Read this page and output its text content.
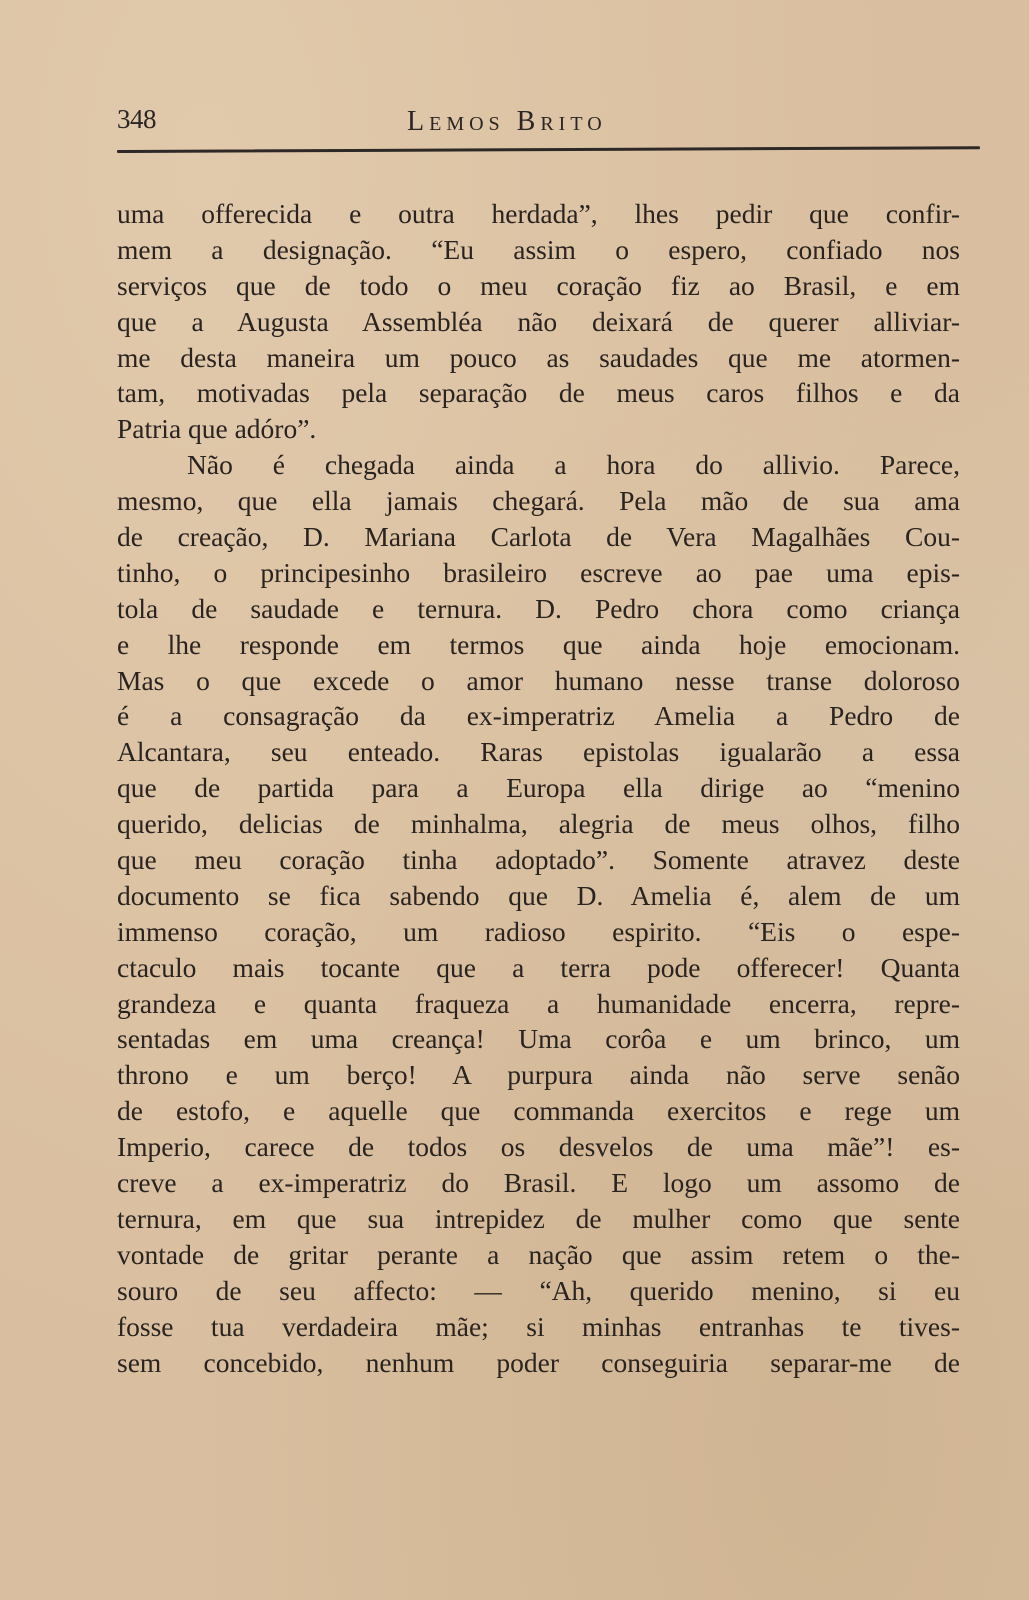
348	Lemos Brito
uma offerecida e outra herdada”, lhes pedir que confir-
mem a designação. “Eu assim o espero, confiado nos
serviços que de todo o meu coração fiz ao Brasil, e em
que a Augusta Assembléa não deixará de querer alliviar-
me desta maneira um pouco as saudades que me atormen-
tam, motivadas pela separação de meus caros filhos e da
Patria que adóro”.
Não é chegada ainda a hora do allivio. Parece,
mesmo, que ella jamais chegará. Pela mão de sua ama
de creação, D. Mariana Carlota de Vera Magalhães Cou-
tinho, o principesinho brasileiro escreve ao pae uma epis-
tola de saudade e ternura. D. Pedro chora como criança
e lhe responde em termos que ainda hoje emocionam.
Mas o que excede o amor humano nesse transe doloroso
é a consagração da ex-imperatriz Amelia a Pedro de
Alcantara, seu enteado. Raras epistolas igualarão a essa
que de partida para a Europa ella dirige ao “menino
querido, delicias de minhalma, alegria de meus olhos, filho
que meu coração tinha adoptado”. Somente atravez deste
documento se fica sabendo que D. Amelia é, alem de um
immenso coração, um radioso espirito. “Eis o espe-
ctaculo mais tocante que a terra pode offerecer! Quanta
grandeza e quanta fraqueza a humanidade encerra, repre-
sentadas em uma creança! Uma corôa e um brinco, um
throno e um berço! A purpura ainda não serve senão
de estofo, e aquelle que commanda exercitos e rege um
Imperio, carece de todos os desvelos de uma mãe”! es-
creve a ex-imperatriz do Brasil. E logo um assomo de
ternura, em que sua intrepidez de mulher como que sente
vontade de gritar perante a nação que assim retem o the-
souro de seu affecto: — “Ah, querido menino, si eu
fosse tua verdadeira mãe; si minhas entranhas te tives-
sem concebido, nenhum poder conseguiria separar-me de
